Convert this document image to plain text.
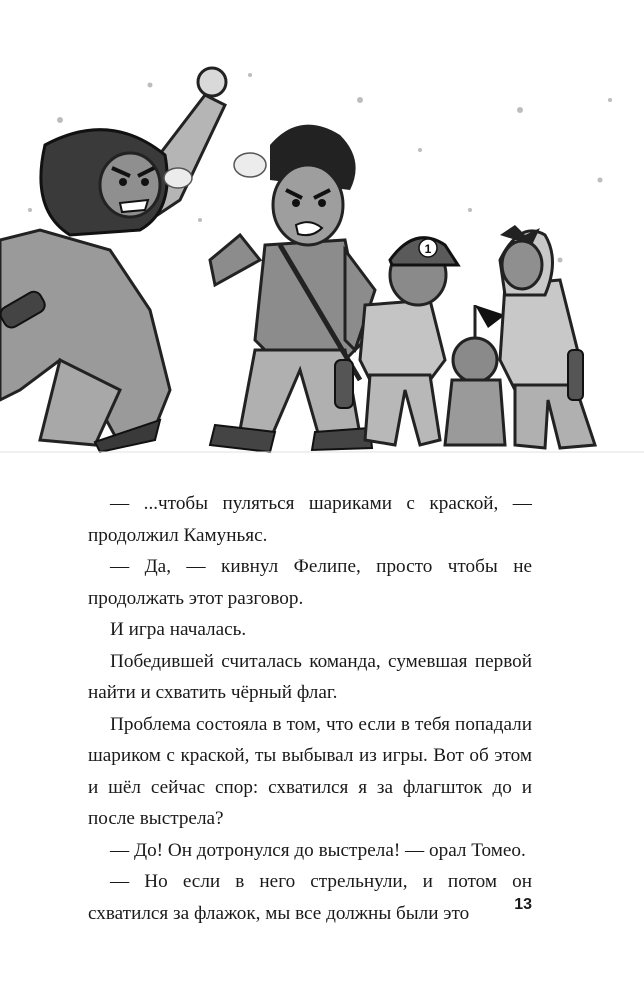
1

— ...чтобы пуляться шариками с краской, — продолжил Камуньяс.

— Да, — кивнул Фелипе, просто чтобы не продолжать этот разговор.

И игра началась.

Победившей считалась команда, сумевшая первой найти и схватить чёрный флаг.

Проблема состояла в том, что если в тебя попадали шариком с краской, ты выбывал из игры. Вот об этом и шёл сейчас спор: схватился я за флагшток до и после выстрела?

— До! Он дотронулся до выстрела! — орал Томео.

— Но если в него стрельнули, и потом он схватился за флажок, мы все должны были это	13
